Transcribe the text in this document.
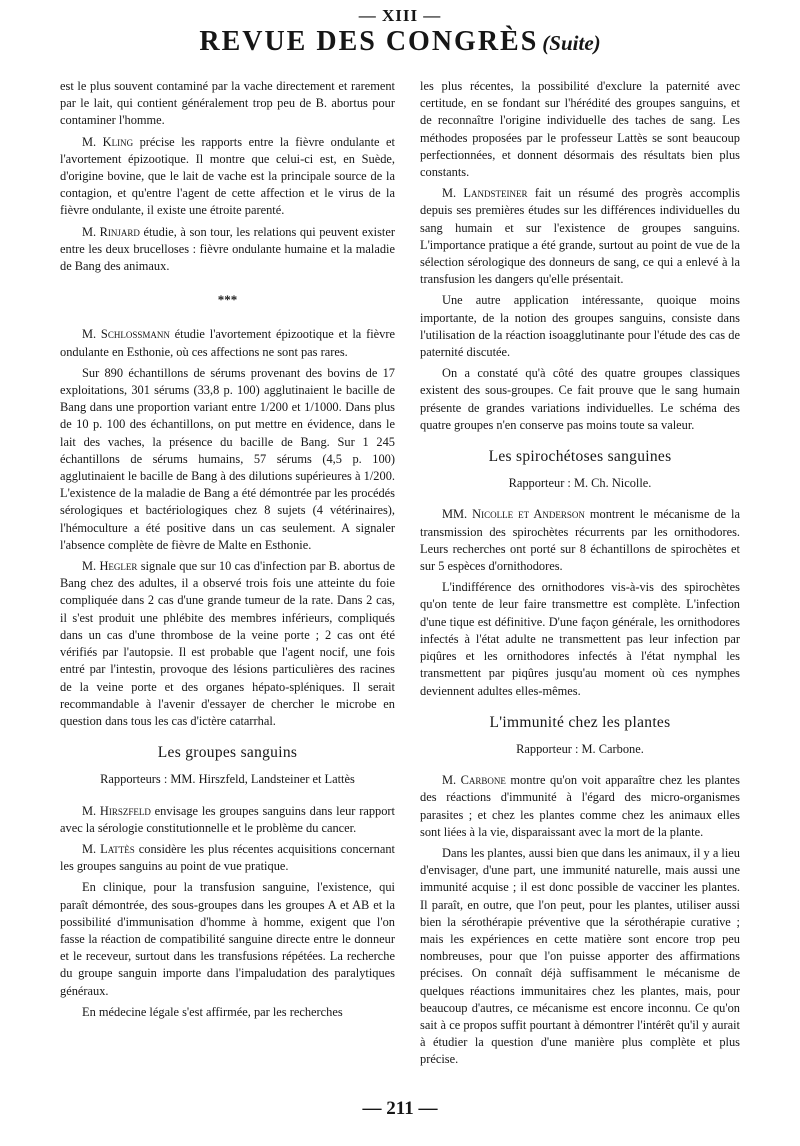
— XIII —
REVUE DES CONGRÈS (Suite)

est le plus souvent contaminé par la vache directement et rarement par le lait, qui contient généralement trop peu de B. abortus pour contaminer l'homme.

M. Kling précise les rapports entre la fièvre ondulante et l'avortement épizootique. Il montre que celui-ci est, en Suède, d'origine bovine, que le lait de vache est la principale source de la contagion, et qu'entre l'agent de cette affection et le virus de la fièvre ondulante, il existe une étroite parenté.

M. Rinjard étudie, à son tour, les relations qui peuvent exister entre les deux brucelloses : fièvre ondulante humaine et la maladie de Bang des animaux.

***

M. Schlossmann étudie l'avortement épizootique et la fièvre ondulante en Esthonie, où ces affections ne sont pas rares.

Sur 890 échantillons de sérums provenant des bovins de 17 exploitations, 301 sérums (33,8 p. 100) agglutinaient le bacille de Bang dans une proportion variant entre 1/200 et 1/1000. Dans plus de 10 p. 100 des échantillons, on put mettre en évidence, dans le lait des vaches, la présence du bacille de Bang. Sur 1 245 échantillons de sérums humains, 57 sérums (4,5 p. 100) agglutinaient le bacille de Bang à des dilutions supérieures à 1/200. L'existence de la maladie de Bang a été démontrée par les procédés sérologiques et bactériologiques chez 8 sujets (4 vétérinaires), l'hémoculture a été positive dans un cas seulement. A signaler l'absence complète de fièvre de Malte en Esthonie.

M. Hegler signale que sur 10 cas d'infection par B. abortus de Bang chez des adultes, il a observé trois fois une atteinte du foie compliquée dans 2 cas d'une grande tumeur de la rate. Dans 2 cas, il s'est produit une phlébite des membres inférieurs, compliqués dans un cas d'une thrombose de la veine porte ; 2 cas ont été vérifiés par l'autopsie. Il est probable que l'agent nocif, une fois entré par l'intestin, provoque des lésions particulières des racines de la veine porte et des organes hépato-spléniques. Il serait recommandable à l'avenir d'essayer de chercher le microbe en question dans tous les cas d'ictère catarrhal.

Les groupes sanguins
Rapporteurs : MM. Hirszfeld, Landsteiner et Lattès

M. Hirszfeld envisage les groupes sanguins dans leur rapport avec la sérologie constitutionnelle et le problème du cancer.

M. Lattès considère les plus récentes acquisitions concernant les groupes sanguins au point de vue pratique.

En clinique, pour la transfusion sanguine, l'existence, qui paraît démontrée, des sous-groupes dans les groupes A et AB et la possibilité d'immunisation d'homme à homme, exigent que l'on fasse la réaction de compatibilité sanguine directe entre le donneur et le receveur, surtout dans les transfusions répétées. La recherche du groupe sanguin importe dans l'impaludation des paralytiques généraux.

En médecine légale s'est affirmée, par les recherches

les plus récentes, la possibilité d'exclure la paternité avec certitude, en se fondant sur l'hérédité des groupes sanguins, et de reconnaître l'origine individuelle des taches de sang. Les méthodes proposées par le professeur Lattès se sont beaucoup perfectionnées, et donnent désormais des résultats bien plus constants.

M. Landsteiner fait un résumé des progrès accomplis depuis ses premières études sur les différences individuelles du sang humain et sur l'existence de groupes sanguins. L'importance pratique a été grande, surtout au point de vue de la sélection sérologique des donneurs de sang, ce qui a enlevé à la transfusion les dangers qu'elle présentait.

Une autre application intéressante, quoique moins importante, de la notion des groupes sanguins, consiste dans l'utilisation de la réaction isoagglutinante pour l'étude des cas de paternité discutée.

On a constaté qu'à côté des quatre groupes classiques existent des sous-groupes. Ce fait prouve que le sang humain présente de grandes variations individuelles. Le schéma des quatre groupes n'en conserve pas moins toute sa valeur.

Les spirochétoses sanguines
Rapporteur : M. Ch. Nicolle.

MM. Nicolle et Anderson montrent le mécanisme de la transmission des spirochètes récurrents par les ornithodores. Leurs recherches ont porté sur 8 échantillons de spirochètes et sur 5 espèces d'ornithodores.

L'indifférence des ornithodores vis-à-vis des spirochètes qu'on tente de leur faire transmettre est complète. L'infection d'une tique est définitive. D'une façon générale, les ornithodores infectés à l'état adulte ne transmettent pas leur infection par piqûres et les ornithodores infectés à l'état nymphal les transmettent par piqûres jusqu'au moment où ces nymphes deviennent adultes elles-mêmes.

L'immunité chez les plantes
Rapporteur : M. Carbone.

M. Carbone montre qu'on voit apparaître chez les plantes des réactions d'immunité à l'égard des micro-organismes parasites ; et chez les plantes comme chez les animaux elles sont liées à la vie, disparaissant avec la mort de la plante.

Dans les plantes, aussi bien que dans les animaux, il y a lieu d'envisager, d'une part, une immunité naturelle, mais aussi une immunité acquise ; il est donc possible de vacciner les plantes. Il paraît, en outre, que l'on peut, pour les plantes, utiliser aussi bien la sérothérapie préventive que la sérothérapie curative ; mais les expériences en cette matière sont encore trop peu nombreuses, pour que l'on puisse apporter des affirmations précises. On connaît déjà suffisamment le mécanisme de quelques réactions immunitaires chez les plantes, mais, pour beaucoup d'autres, ce mécanisme est encore inconnu. Ce qu'on sait à ce propos suffit pourtant à démontrer l'intérêt qu'il y aurait à étudier la question d'une manière plus complète et plus précise.

— 211 —
